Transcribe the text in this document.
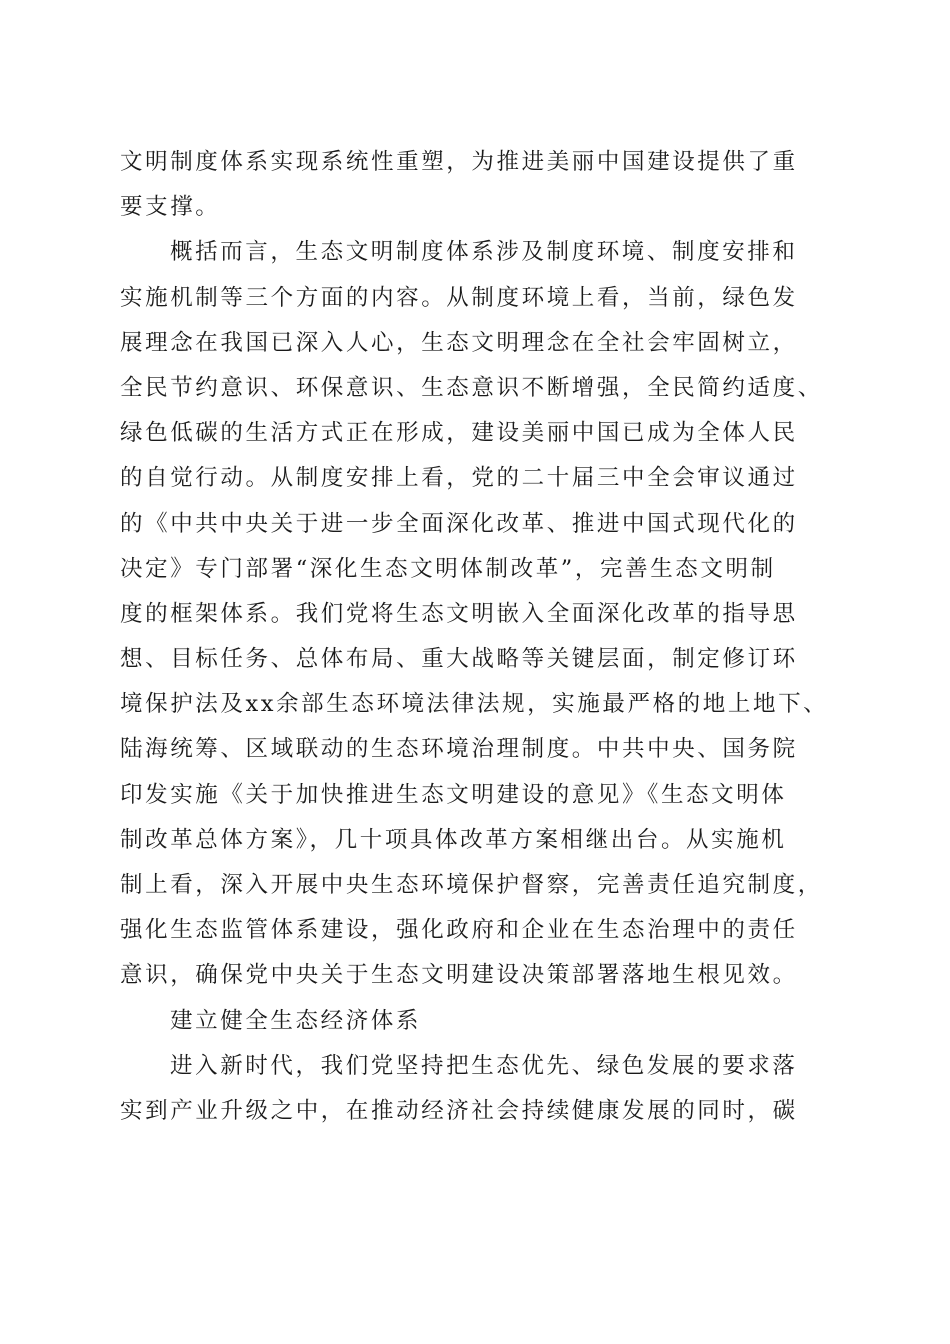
文明制度体系实现系统性重塑，为推进美丽中国建设提供了重
要支撑。
概括而言，生态文明制度体系涉及制度环境、制度安排和
实施机制等三个方面的内容。从制度环境上看，当前，绿色发
展理念在我国已深入人心，生态文明理念在全社会牢固树立，
全民节约意识、环保意识、生态意识不断增强，全民简约适度、
绿色低碳的生活方式正在形成，建设美丽中国已成为全体人民
的自觉行动。从制度安排上看，党的二十届三中全会审议通过
的《中共中央关于进一步全面深化改革、推进中国式现代化的
决定》专门部署“深化生态文明体制改革”，完善生态文明制
度的框架体系。我们党将生态文明嵌入全面深化改革的指导思
想、目标任务、总体布局、重大战略等关键层面，制定修订环
境保护法及xx余部生态环境法律法规，实施最严格的地上地下、
陆海统筹、区域联动的生态环境治理制度。中共中央、国务院
印发实施《关于加快推进生态文明建设的意见》《生态文明体
制改革总体方案》，几十项具体改革方案相继出台。从实施机
制上看，深入开展中央生态环境保护督察，完善责任追究制度，
强化生态监管体系建设，强化政府和企业在生态治理中的责任
意识，确保党中央关于生态文明建设决策部署落地生根见效。
建立健全生态经济体系
进入新时代，我们党坚持把生态优先、绿色发展的要求落
实到产业升级之中，在推动经济社会持续健康发展的同时，碳
